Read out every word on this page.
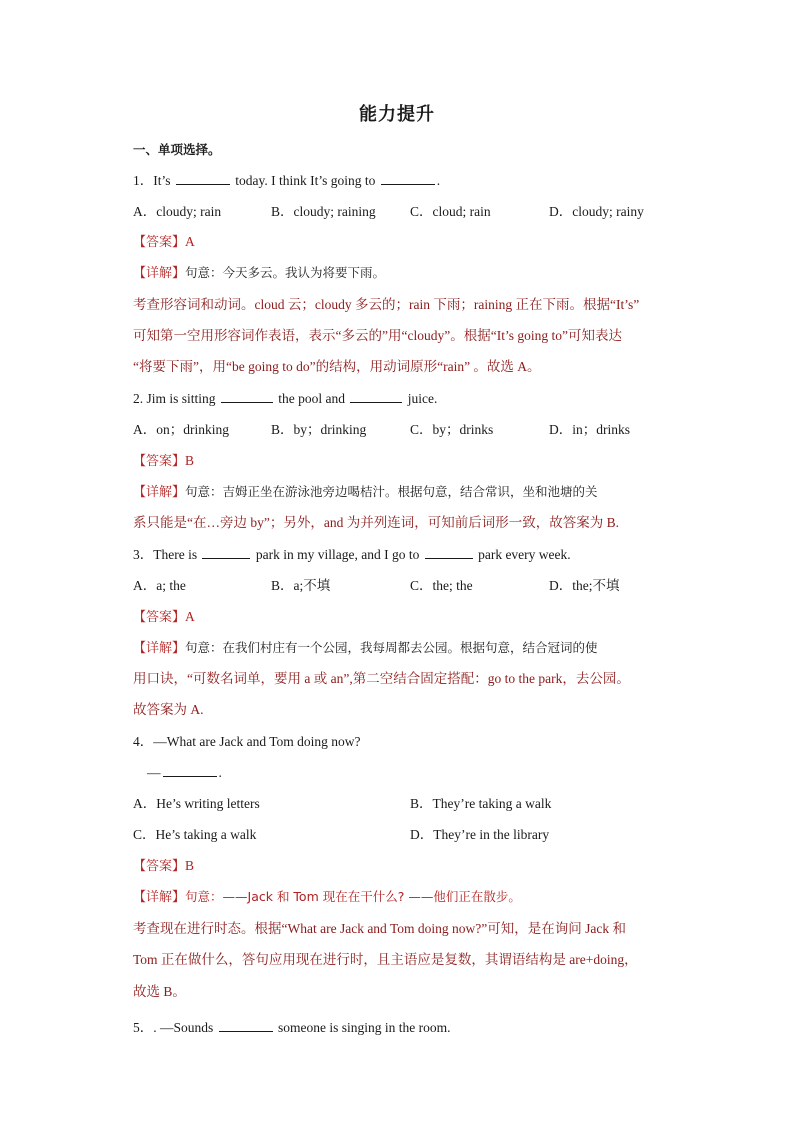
能力提升
一、单项选择。
1．It’s	today. I think It’s going to	.
A．cloudy; rain	B．cloudy; raining	C．cloud; rain	D．cloudy; rainy
【答案】A
【详解】句意：今天多云。我认为将要下雨。
考查形容词和动词。cloud 云；cloudy 多云的；rain 下雨；raining 正在下雨。根据“It’s”
可知第一空用形容词作表语，表示“多云的”用“cloudy”。根据“It’s going to”可知表达
“将要下雨”，用“be going to do”的结构，用动词原形“rain” 。故选 A。
2. Jim is sitting	the pool and	juice.
A．on；drinking	B．by；drinking	C．by；drinks	D．in；drinks
【答案】B
【详解】句意：吉姆正坐在游泳池旁边喝桔汁。根据句意，结合常识，坐和池塘的关
系只能是“在…旁边 by”；另外，and 为并列连词，可知前后词形一致，故答案为 B.
3．There is	park in my village, and I go to	park every week.
A．a; the	B．a;不填	C．the; the	D．the;不填
【答案】A
【详解】句意：在我们村庄有一个公园，我每周都去公园。根据句意，结合冠词的使
用口诀，“可数名词单，要用 a 或 an”,第二空结合固定搭配：go to the park，去公园。
故答案为 A.
4．—What are Jack and Tom doing now?
—	.
A．He’s writing letters	B．They’re taking a walk
C．He’s taking a walk	D．They’re in the library
【答案】B
【详解】句意：——Jack 和 Tom 现在在干什么? ——他们正在散步。
考查现在进行时态。根据“What are Jack and Tom doing now?”可知，是在询问 Jack 和
Tom 正在做什么，答句应用现在进行时，且主语应是复数，其谓语结构是 are+doing，
故选 B。
5．. —Sounds	someone is singing in the room.
